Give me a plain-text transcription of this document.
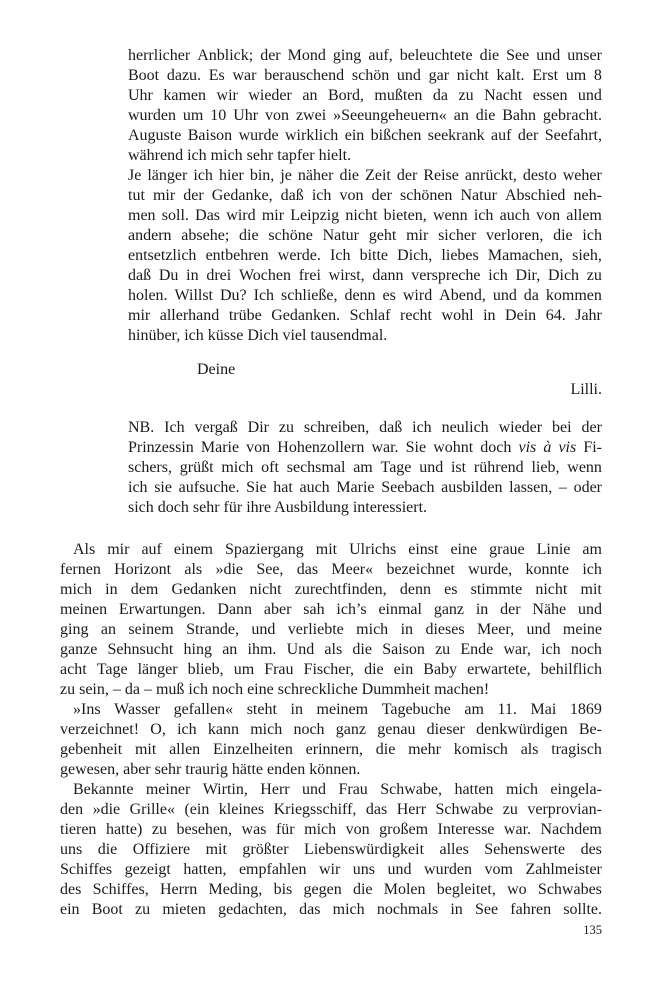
herrlicher Anblick; der Mond ging auf, beleuchtete die See und unser
Boot dazu. Es war berauschend schön und gar nicht kalt. Erst um 8
Uhr kamen wir wieder an Bord, mußten da zu Nacht essen und
wurden um 10 Uhr von zwei »Seeungeheuern« an die Bahn gebracht.
Auguste Baison wurde wirklich ein bißchen seekrank auf der Seefahrt,
während ich mich sehr tapfer hielt.
Je länger ich hier bin, je näher die Zeit der Reise anrückt, desto weher
tut mir der Gedanke, daß ich von der schönen Natur Abschied neh-
men soll. Das wird mir Leipzig nicht bieten, wenn ich auch von allem
andern absehe; die schöne Natur geht mir sicher verloren, die ich
entsetzlich entbehren werde. Ich bitte Dich, liebes Mamachen, sieh,
daß Du in drei Wochen frei wirst, dann verspreche ich Dir, Dich zu
holen. Willst Du? Ich schließe, denn es wird Abend, und da kommen
mir allerhand trübe Gedanken. Schlaf recht wohl in Dein 64. Jahr
hinüber, ich küsse Dich viel tausendmal.
Deine
Lilli.
NB. Ich vergaß Dir zu schreiben, daß ich neulich wieder bei der
Prinzessin Marie von Hohenzollern war. Sie wohnt doch vis à vis Fi-
schers, grüßt mich oft sechsmal am Tage und ist rührend lieb, wenn
ich sie aufsuche. Sie hat auch Marie Seebach ausbilden lassen, – oder
sich doch sehr für ihre Ausbildung interessiert.
Als mir auf einem Spaziergang mit Ulrichs einst eine graue Linie am
fernen Horizont als »die See, das Meer« bezeichnet wurde, konnte ich
mich in dem Gedanken nicht zurechtfinden, denn es stimmte nicht mit
meinen Erwartungen. Dann aber sah ich’s einmal ganz in der Nähe und
ging an seinem Strande, und verliebte mich in dieses Meer, und meine
ganze Sehnsucht hing an ihm. Und als die Saison zu Ende war, ich noch
acht Tage länger blieb, um Frau Fischer, die ein Baby erwartete, behilflich
zu sein, – da – muß ich noch eine schreckliche Dummheit machen!
»Ins Wasser gefallen« steht in meinem Tagebuche am 11. Mai 1869
verzeichnet! O, ich kann mich noch ganz genau dieser denkwürdigen Be-
gebenheit mit allen Einzelheiten erinnern, die mehr komisch als tragisch
gewesen, aber sehr traurig hätte enden können.
Bekannte meiner Wirtin, Herr und Frau Schwabe, hatten mich eingela-
den »die Grille« (ein kleines Kriegsschiff, das Herr Schwabe zu verprovian-
tieren hatte) zu besehen, was für mich von großem Interesse war. Nachdem
uns die Offiziere mit größter Liebenswürdigkeit alles Sehenswerte des
Schiffes gezeigt hatten, empfahlen wir uns und wurden vom Zahlmeister
des Schiffes, Herrn Meding, bis gegen die Molen begleitet, wo Schwabes
ein Boot zu mieten gedachten, das mich nochmals in See fahren sollte.
135
